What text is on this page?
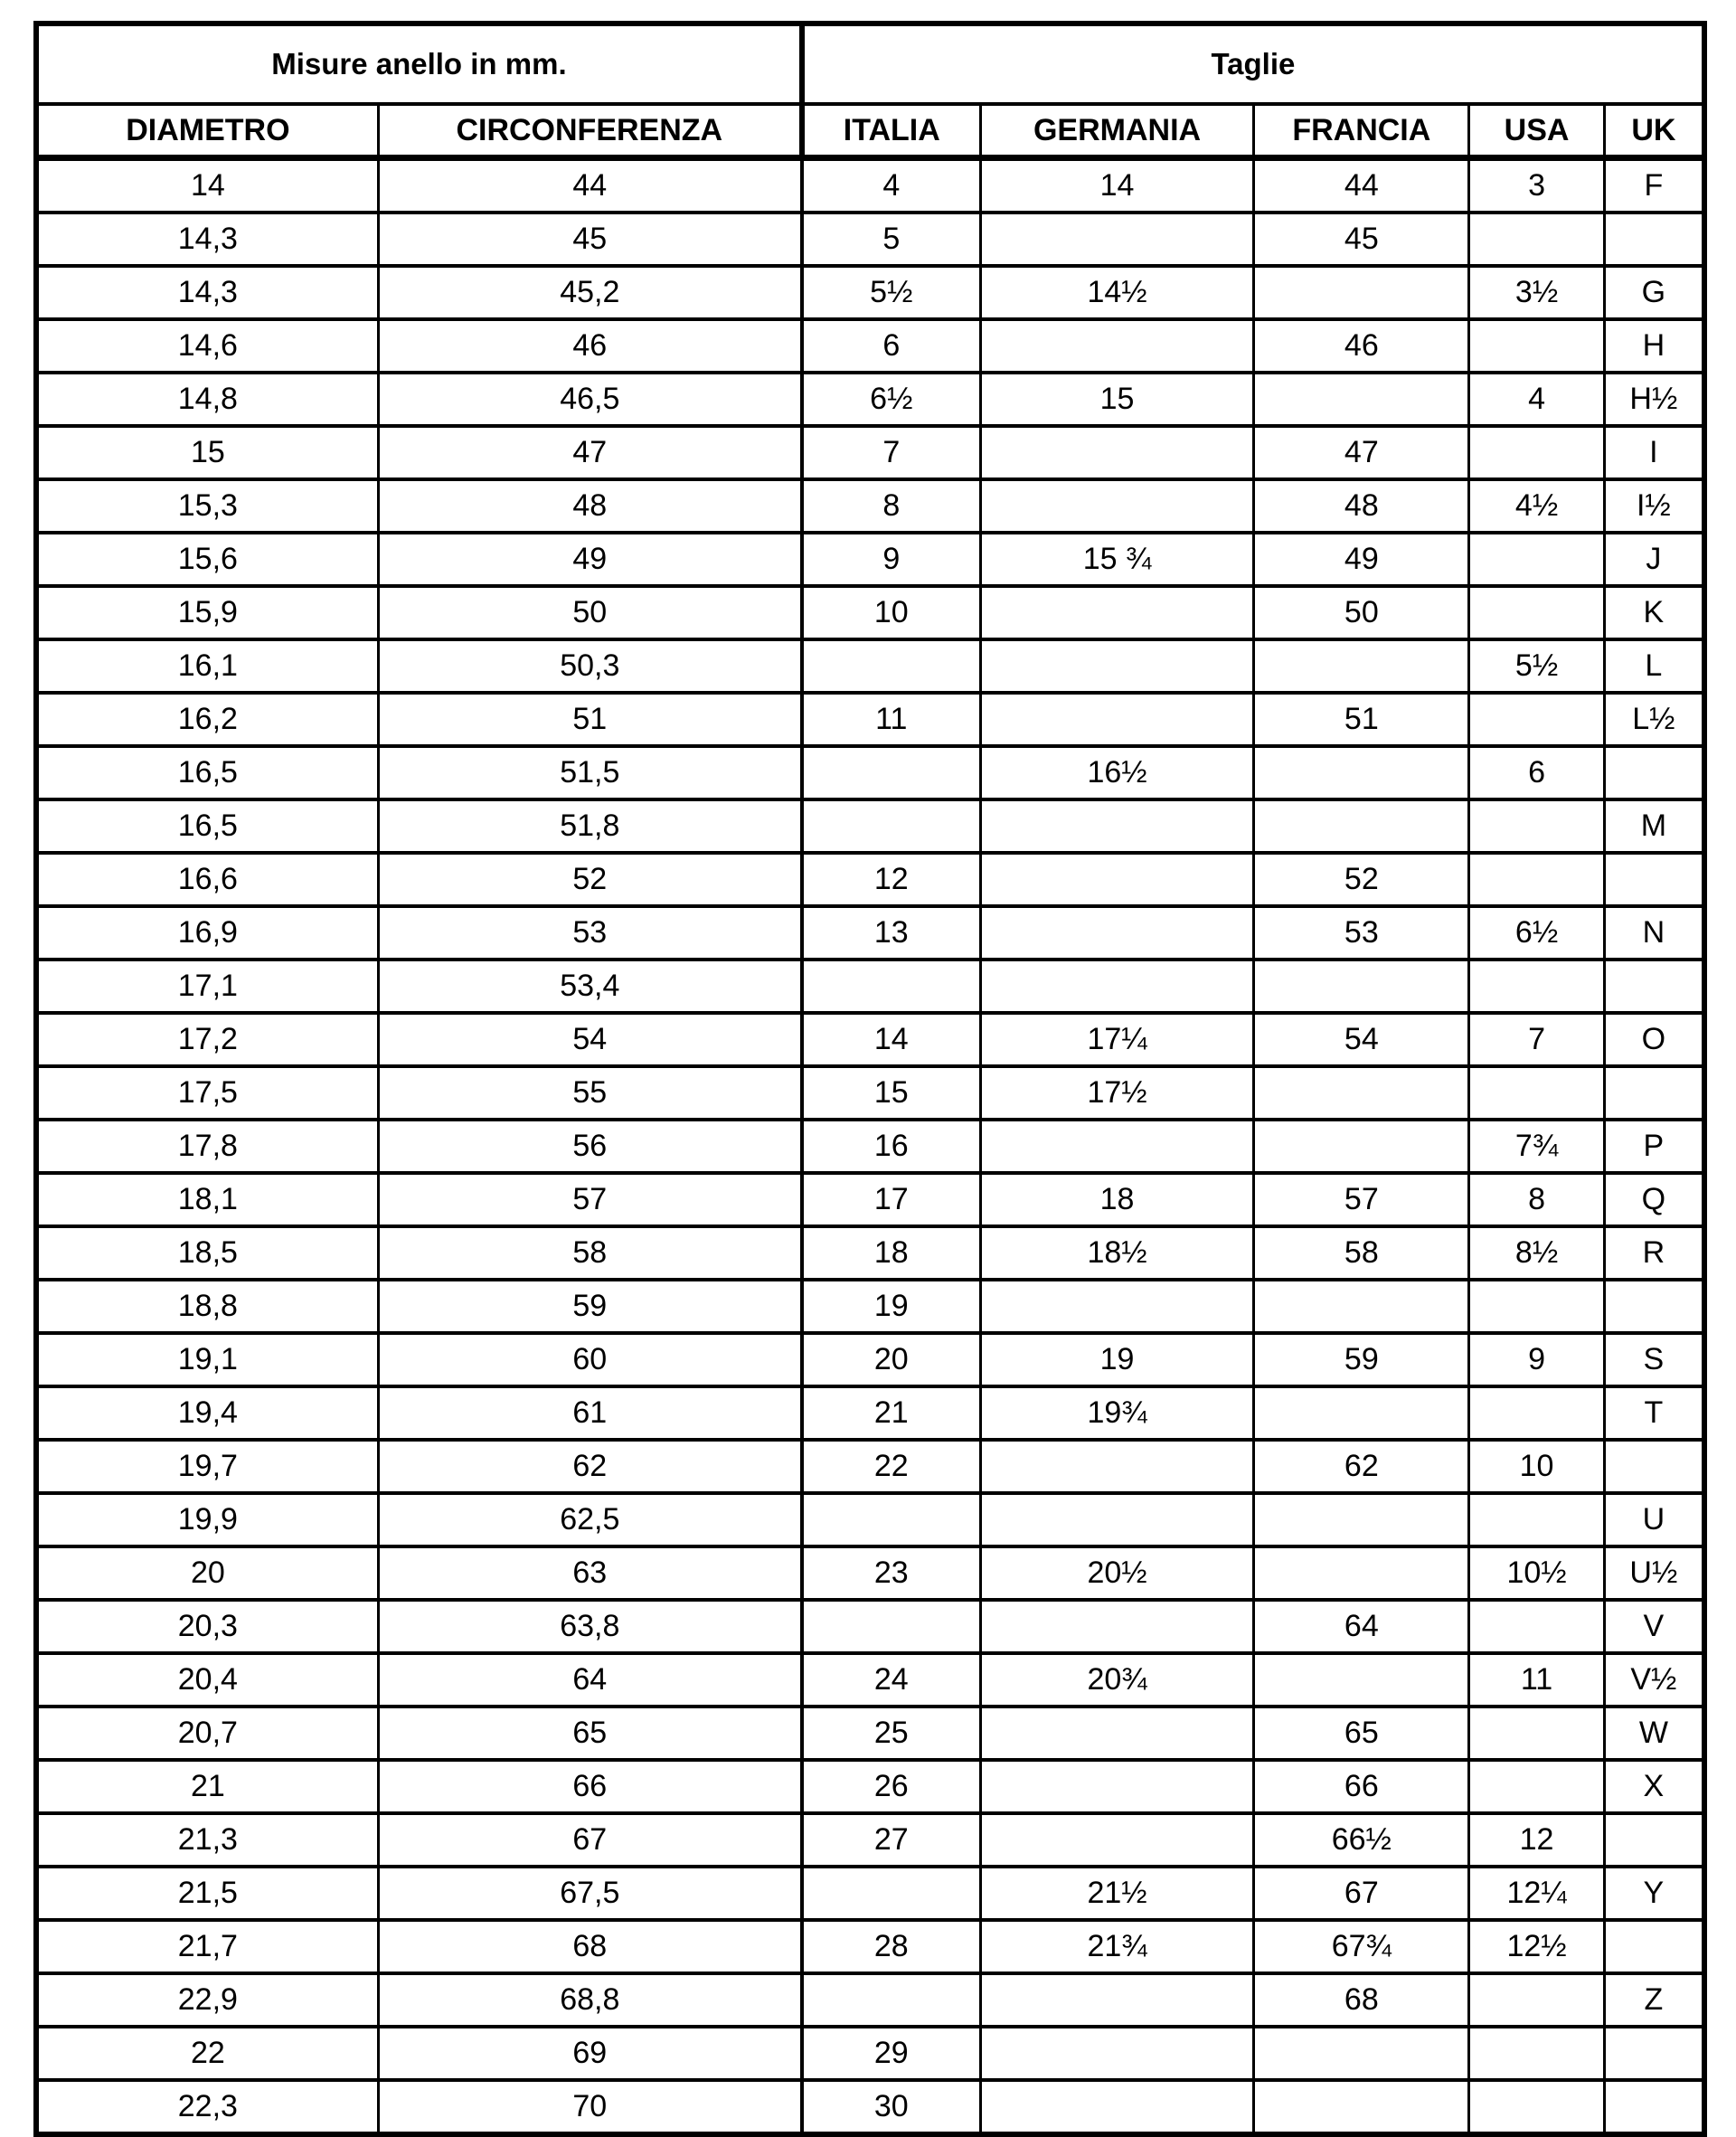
Misure anello in mm.		Taglie				
DIAMETRO	CIRCONFERENZA	ITALIA	GERMANIA	FRANCIA	USA	UK
14	44	4	14	44	3	F
14,3	45	5		45		
14,3	45,2	5½	14½		3½	G
14,6	46	6		46		H
14,8	46,5	6½	15		4	H½
15	47	7		47		I
15,3	48	8		48	4½	I½
15,6	49	9	15 ¾	49		J
15,9	50	10		50		K
16,1	50,3				5½	L
16,2	51	11		51		L½
16,5	51,5		16½		6	
16,5	51,8					M
16,6	52	12		52		
16,9	53	13		53	6½	N
17,1	53,4					
17,2	54	14	17¼	54	7	O
17,5	55	15	17½			
17,8	56	16			7¾	P
18,1	57	17	18	57	8	Q
18,5	58	18	18½	58	8½	R
18,8	59	19				
19,1	60	20	19	59	9	S
19,4	61	21	19¾			T
19,7	62	22		62	10	
19,9	62,5					U
20	63	23	20½		10½	U½
20,3	63,8			64		V
20,4	64	24	20¾		11	V½
20,7	65	25		65		W
21	66	26		66		X
21,3	67	27		66½	12	
21,5	67,5		21½	67	12¼	Y
21,7	68	28	21¾	67¾	12½	
22,9	68,8			68		Z
22	69	29				
22,3	70	30				
